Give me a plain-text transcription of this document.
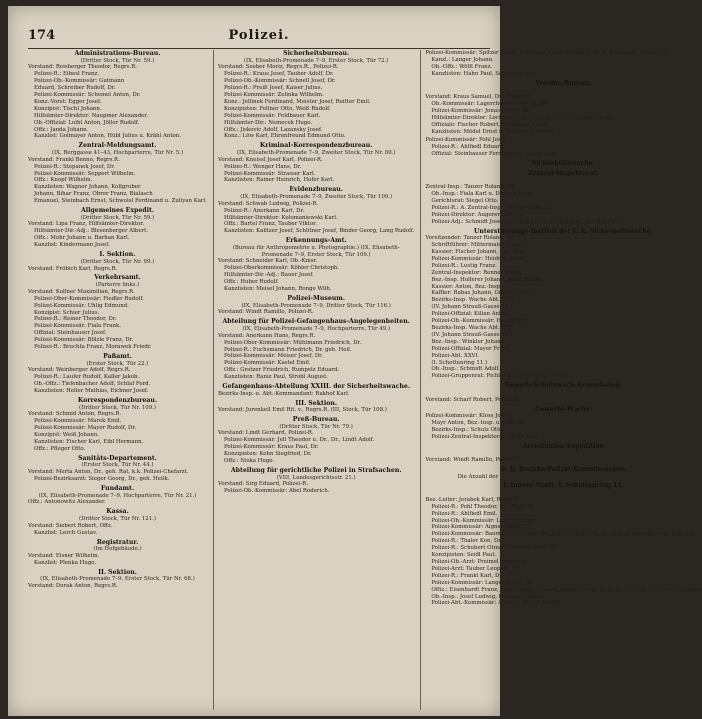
174	Polizei.
Administrations-Bureau.
(Dritter Stock, Tür Nr. 59.)
Vorstand: Reisberger Theodor, Regrs.R.
Polizei-R.: Eibesl Franz.
Polizei-Ob.-Kommissär: Gutmann
Eduard, Schreiber Rudolf, Dr.
Polizei-Kommissär: Schemel Anton, Dr.
Konz.-Vorst: Egger Josef.
Konzipist: Tischl Johann.
Hilfsämter-Direktor: Naupmer Alexander.
Ob.-Offizial: Loibl Anton, Jöller Rudolf.
Offz.: Janda Johann.
Kanzlist: Golmayer Anton, Hübl Julius u. Krähl Anton.
Zentral-Meldungsamt.
(IX, Berggasse 41–43, Hochparterre, Tür Nr. 5.)
Vorstand: Frankl Benno, Regrs.R.
Polizei-R.: Stepanek Josef, Dr.
Polizei-Kommissär: Seppert Wilhelm.
Offz.: Knopf Wilhelm.
Kanzlisten: Wagner Johann, Kollgruber
Johann, Bihar Franz, Obrer Franz, Bialasch
Emanuel, Steinbach Ernst, Schwoisl Ferdinand u. Zuliyan Karl.
Allgemeines Expedit.
(Dritter Stock, Tür Nr. 59.)
Vorstand: Lipa Franz, Hilfsämter-Direktor.
Hilfsämter-Dir.-Adj.: Blesenberger Albert.
Offz.: Mohr Johann u. Barhan Karl.
Kanzlist: Kindermann Josef.
I. Sektion.
(Dritter Stock, Tür Nr. 99.)
Vorstand: Fröbich Karl, Regrs.R.
Verkehrsamt.
(Parterre links.)
Vorstand: Kollner Maximilian, Regrs.R.
Polizei-Ober-Kommissär: Fiedler Rudolf.
Polizei-Kommissär: Uhlig Edmund.
Konzipist: Schier Julius.
Polizei-R.: Reiner Theodor, Dr.
Polizei-Kommissär: Fiala Frank.
Offizial: Steinhauser Josef.
Polizei-Kommissär: Bölzle Franz, Dr.
Polizei-R.: Bruchta Franz, Morawek Friedr.
Paßamt.
(Erster Stock, Tür 22.)
Vorstand: Weinberger Adolf, Regrs.R.
Polizei-R.: Laufer Rudolf, Kaller Jakob.
Ob.-Offz.: Tiefenbacher Adolf, Schlaf Ferd.
Kanzlisten: Heller Mathias, Eichner Josef.
Korrespondenzbureau.
(Dritter Stock, Tür Nr. 109.)
Vorstand: Schmid Anton, Regrs.R.
Polizei-Kommissär: Marek Emil.
Polizei-Kommissär: Mayer Rudolf, Dr.
Konzipist: Weiß Johann.
Kanzlisten: Fischer Karl, Eibl Hermann.
Offz.: Pfleger Otto.
Sanitäts-Departement.
(Erster Stock, Tür Nr. 44.)
Vorstand: Merta Anton, Dr., geh. Rat, k.k. Polizei-Chefarzt.
Polizei-Bezirksarzt: Sieger Georg, Dr., geh. Heilk.
Fundamt.
(IX, Elisabeth-Promenade 7–9, Hochparterre, Tür Nr. 21.)
Offz.: Antonowitz Alexander.
Kassa.
(Dritter Stock, Tür Nr. 121.)
Vorstand: Siebert Robert, Offz.
Kanzlist: Lerch Gustav.
Registratur.
(Im Hofgebäude.)
Vorstand: Eisner Wilhelm.
Kanzlist: Plenka Hugo.
II. Sektion.
(IX, Elisabeth-Promenade 7–9, Erster Stock, Tür Nr. 68.)
Vorstand: Durak Anton, Regrs.R.
Sicherheitsbureau.
(IX, Elisabeth-Promenade 7–9, Erster Stock, Tür 72.)
Vorstand: Seeber Moriz, Regrs.R., Polizei-R.
Polizei-R.: Kraus Josef, Tauber Adolf, Dr.
Polizei-Ob.-Kommissär: Schnell Josef, Dr.
Polizei-R.: Preiß Josef, Kaiser Julius.
Polizei-Kommissär: Zelinka Wilhelm.
Konz.: Jellinek Ferdinand, Meister Josef, Reitter Emil.
Konzipisten: Fellner Otto, Weiß Rudolf.
Polizei-Kommissär: Feldbauer Karl.
Hilfsämter-Dir.: Nemecek Hugo.
Offz.: Jiskovic Adolf, Lazansky Josef.
Konz.: Löw Karl, Ehrenfreund Edmund Otto.
Kriminal-Korrespondenzbureau.
(IX, Elisabeth-Promenade 7–9, Zweiter Stock, Tür Nr. 80.)
Vorstand: Kneissl Josef Karl, Polizei-R.
Polizei-R.: Wenger Hans, Dr.
Polizei-Kommissär: Strasser Karl.
Kanzlisten: Rainer Heinrich, Hofer Karl.
Evidenzbureau.
(IX, Elisabeth-Promenade 7–9, Zweiter Stock, Tür 109.)
Vorstand: Schwab Ludwig, Polizei-R.
Polizei-R.: Anerkann Karl, Dr.
Hilfsämter-Direktor: Kolomaniewski Karl.
Offz.: Bartel Franz, Tauber Viktor.
Kanzlisten: Kalitzer Josef, Schlitner Josef, Binder Georg, Lang Rudolf.
Erkennungs-Amt.
(Bureau für Anthropometrie u. Photographie.) (IX, Elisabeth-Promenade 7–9, Erster Stock, Tür 109.)
Vorstand: Schneider Karl, Ob.-Kmsr.
Polizei-Oberkommissär: Köhler Christoph.
Hilfsämter-Dir.-Adj.: Bauer Josef.
Offz.: Huber Rudolf.
Kanzlisten: Meisel Johann, Ronge Wilh.
Polizei-Museum.
(IX, Elisabeth-Promenade 7–9, Dritter Stock, Tür 116.)
Vorstand: Windt Ramillo, Polizei-R.
Abteilung für Polizei-Gefangenhaus-Angelegenheiten.
(IX, Elisabeth-Promenade 7–9, Hochparterre, Tür 49.)
Vorstand: Anerkann Hans, Regrs.R.
Polizei-Ober-Kommissär: Mühlmann Friedrich, Dr.
Polizei-R.: Fuchsmann Friedrich, Dr. geh. Heil.
Polizei-Kommissär: Meiser Josef, Dr.
Polizei-Kommissär: Kastel Emil.
Offz.: Gratzer Friedrich, Rumpelz Eduard.
Kanzlisten: Raniz Paul, Strobl August.
Gefangenhaus-Abteilung XXIII. der Sicherheitswache.
Bezirks-Insp.-u. Abt.-Kommandant: Rakhof Karl.
III. Sektion.
Vorstand: Jurenkeil Emil Rit. v., Regrs.R. (III, Stock, Tür 108.)
Preß-Bureau.
(Dritter Stock, Tür Nr. 79.)
Vorstand: Lindt Gerhard, Polizei-R.
Polizei-Kommissär: Jell Theodor u. Dr., Dr., Lindt Adolf.
Polizei-Kommissär: Kraus Paul, Dr.
Konzipisten: Kohn Siegfried, Dr.
Offz.: Niska Hugo.
Abteilung für gerichtliche Polizei in Strafsachen.
(VIII, Landesgerichtsstr. 21.)
Vorstand: Sirg Eduard, Polizei-R.
Polizei-Ob.-Kommissär: Abel Roderich.
Polizei-Kommissär: Spitzer Franz, Lindinger Franz Berthold, Dr. u. Kosberger Arnold, Dr.
Kanzl.: Langer Johann.
Ob.-Offz.: Wölfl Franz.
Kanzlisten: Hahn Paul, Schneider Karl.
Vereins-Bureau.
(Dritter Stock, Tür Nr. 103.)
Vorstand: Kraus Samuel, Dr., Polizei-R.
Ob.-Kommissär: Lagercherner Ludwig, Dr.
Polizei-Kommissär: Jonas Johann Dr.
Hilfsämter-Direktor: Lochmayer Anton u. Krolikowski Stephan, Dr.
Offiziale: Fischer Robert, Holzbauer Franz.
Kanzlisten: Mödel Ernst u. Hartmann Gustav.
Polizei-Kommissär: Pohl Josef.
Polizei-R.: Ahlfiedl Eduard.
Offizial: Steinhauser Ferdinand u. Bauer Karl.
Sicherheitswache.
Zentral-Inspektorat.
(Dritter Stock, Tür Nr. 111.)
Zentral-Insp.: Tanzer Roland, Dr.
Ob.-Insp.: Fiala Karl u. Dosung Ferd.
Gerichtsrat: Siegel Otto.
Polizei-R.: A. Zentral-Insp.: Aeneas Fritz, Dr.
Polizei-Direktor: Augerer Ludwig.
Polizei-Adj.: Schmidt Josef u. Unger Franz, Vlodek Karl, Dr., Eder Karl.
Unterstützungs-Institut der k. k. Sicherheitswache.
Vorsitzender: Tanzer Roland, Dr.
Schriftführer: Mittermaier Franz.
Kassier: Fischer Johann, Bez.-Insp.
Polizei-Kommissär: Heidnig Anton.
Polizei-R.: Lustig Franz.
Zentral-Inspektor: Renner Anton.
Bez.-Insp. Hollerer Johann, Adolf Huber.
Kassier: Anton, Bez.-Insp.
Kaffier: Rabas Johann, Gidh.W. Insp.
Bezirks-Insp. Wache Abt. XXIV.
(IV. Johann Strauß-Gasse 19.)
Polizei-Offizial: Kilian Anton.
Polizei-Ob.-Kommissär: Heinik Karl.
Bezirks-Insp. Wache Abt. XXV.
(IV. Johann Strauß-Gasse 19.)
Bez.-Insp.: Winkler Johann.
Polizei-Offizial: Mayer Franz.
Polizei-Abt. XXVI.
(I. Schottenring 11.)
Ob.-Insp.: Schmidt Adolf.
Polizei-Gruppenrat: Pichler Karl u. Hering Eduard.
Gewerb-Schutzwach-Kommission.
I. Schottenring 11, vierter Stock, Tür Nr. 126.
Vorstand: Scharf Robert, Polizei-R.
Gewerbs-Wache.
Polizei-Kommissär: Kloss Johann.
Mayr Anton, Bez.-Insp. u. Gidh.W.
Bezirks-Insp.: Schulz Otto.
Polizei-Zentral-Inspektorat: Meier Karl.
Arrestanten-Expedition
(Im Hofgebäude.)
Vorstand: Windt Ramillo, Polizei-R.
k. k. Bezirks-Polizei-Kommissariate
Die Anzahl der Bewohner in den einzelnen Gemeindebezirken siehe Seite 20.
I. Innere Stadt. I. Schottenring 11.
Tür 22.
Bez.-Leiter: Jerabek Karl, Regrs.R.
Polizei-R.: Pohl Theodor, Dr., Regrs.R.
Polizei-R.: Ahlfiedl Emil.
Polizei-Ob.-Kommissär: Leuter Johann.
Polizei-Kommissär: Aigner Adolf, Dr.
Polizei-Kommissär: Baumgarten Anton, Dr., Pelznal Heinrich, Dr., Schulz Otto, Brunner Karl, Dr.
Polizei-R.: Thaler Kon, Dr.
Polizei-R.: Schubert Otmar, Schwarz Adolf, Dr.
Konzipisten: Seidl Paul.
Polizei-Ob.-Arzt: Preimel Sebastian.
Polizei-Arzt: Tauber Leopold, Dr.
Polizei-R.: Frankl Karl, Dr.
Polizei-Kommissär: Langer Franz, Dr.
Offiz.: Eisenhardt Franz, Silberleitner Eduard, Balzer Georg, Hollauer Ludwig, Mittermaier Anton.
Ob.-Insp.: Josef Ludwig, Hollauer Johann.
Polizei-Abt.-Kommissär: Anton u. Kaiser Rudolf.
